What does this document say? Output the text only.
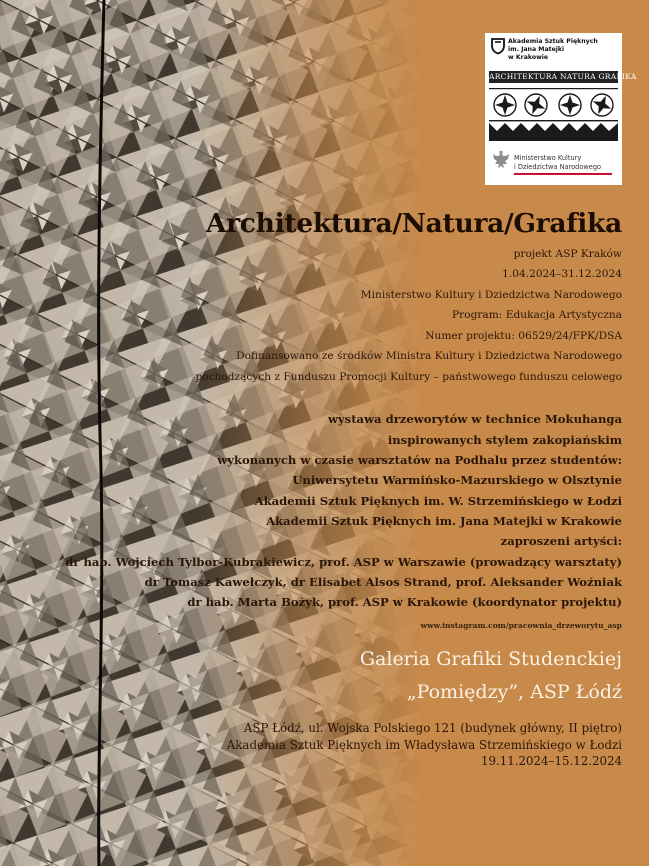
Akademia Sztuk Pięknych
im. Jana Matejki
w Krakowie
ARCHITEKTURA NATURA GRAFIKA
Ministerstwo Kultury
i Dziedzictwa Narodowego
Architektura/Natura/Grafika
projekt ASP Kraków
1.04.2024–31.12.2024
Ministerstwo Kultury i Dziedzictwa Narodowego
Program: Edukacja Artystyczna
Numer projektu: 06529/24/FPK/DSA
Dofinansowano ze środków Ministra Kultury i Dziedzictwa Narodowego
pochodzących z Funduszu Promocji Kultury – państwowego funduszu celowego
wystawa drzeworytów w technice Mokuhanga
inspirowanych stylem zakopiańskim
wykonanych w czasie warsztatów na Podhalu przez studentów:
Uniwersytetu Warmińsko-Mazurskiego w Olsztynie
Akademii Sztuk Pięknych im. W. Strzemińskiego w Łodzi
Akademii Sztuk Pięknych im. Jana Matejki w Krakowie
zaproszeni artyści:
dr hab. Wojciech Tylbor-Kubrakiewicz, prof. ASP w Warszawie (prowadzący warsztaty)
dr Tomasz Kawełczyk, dr Elisabet Alsos Strand, prof. Aleksander Woźniak
dr hab. Marta Bożyk, prof. ASP w Krakowie (koordynator projektu)
www.instagram.com/pracownia_drzeworytu_asp
Galeria Grafiki Studenckiej
„Pomiędzy”, ASP Łódź
ASP Łódź, ul. Wojska Polskiego 121 (budynek główny, II piętro)
Akademia Sztuk Pięknych im Władysława Strzemińskiego w Łodzi
19.11.2024–15.12.2024
